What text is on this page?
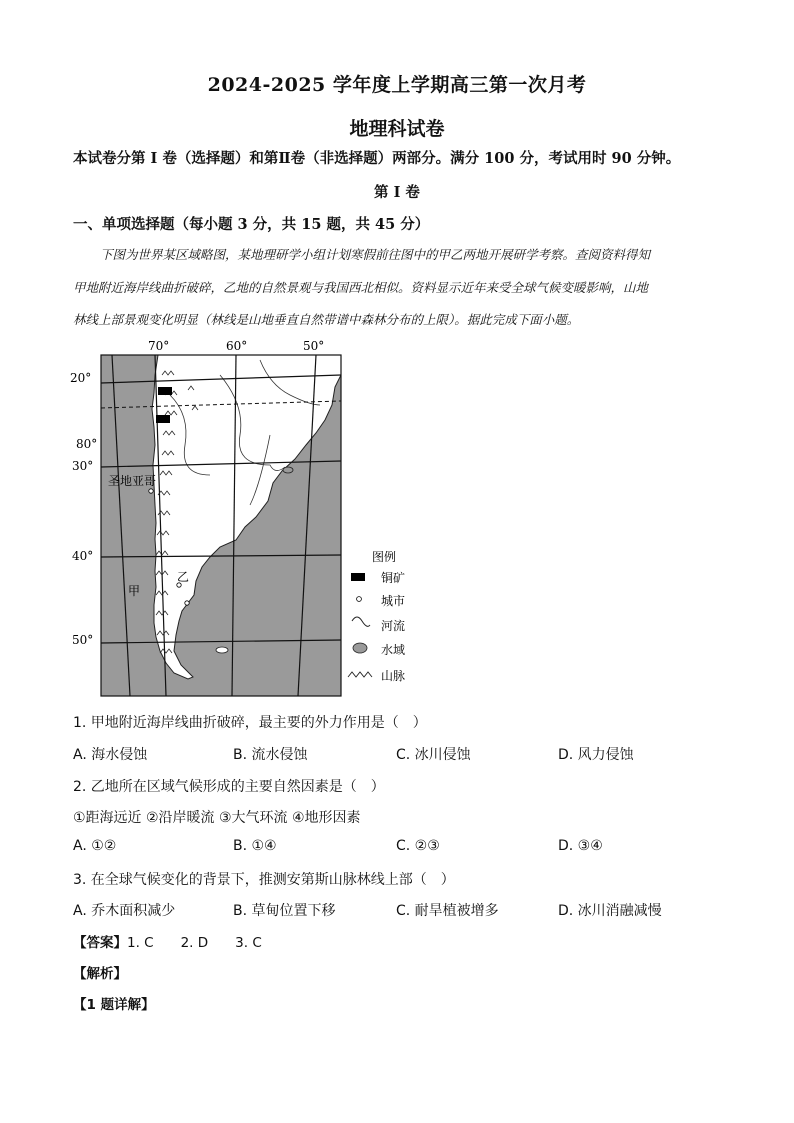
2024-2025 学年度上学期高三第一次月考
地理科试卷
本试卷分第 I 卷（选择题）和第Ⅱ卷（非选择题）两部分。满分 100 分，考试用时 90 分钟。
第 I 卷
一、单项选择题（每小题 3 分，共 15 题，共 45 分）
下图为世界某区域略图，某地理研学小组计划寒假前往图中的甲乙两地开展研学考察。查阅资料得知
甲地附近海岸线曲折破碎，乙地的自然景观与我国西北相似。资料显示近年来受全球气候变暖影响，山地
林线上部景观变化明显（林线是山地垂直自然带谱中森林分布的上限）。据此完成下面小题。
圣地亚哥
甲
乙
70°	60°	50°
20°
80°
30°
40°
50°
图例
铜矿
城市
河流
水域
山脉
1. 甲地附近海岸线曲折破碎，最主要的外力作用是（　）
A. 海水侵蚀	B. 流水侵蚀	C. 冰川侵蚀	D. 风力侵蚀
2. 乙地所在区域气候形成的主要自然因素是（　）
①距海远近 ②沿岸暖流 ③大气环流 ④地形因素
A. ①②	B. ①④	C. ②③	D. ③④
3. 在全球气候变化的背景下，推测安第斯山脉林线上部（　）
A. 乔木面积减少	B. 草甸位置下移	C. 耐旱植被增多	D. 冰川消融减慢
【答案】1. C　　2. D　　3. C
【解析】
【1 题详解】
